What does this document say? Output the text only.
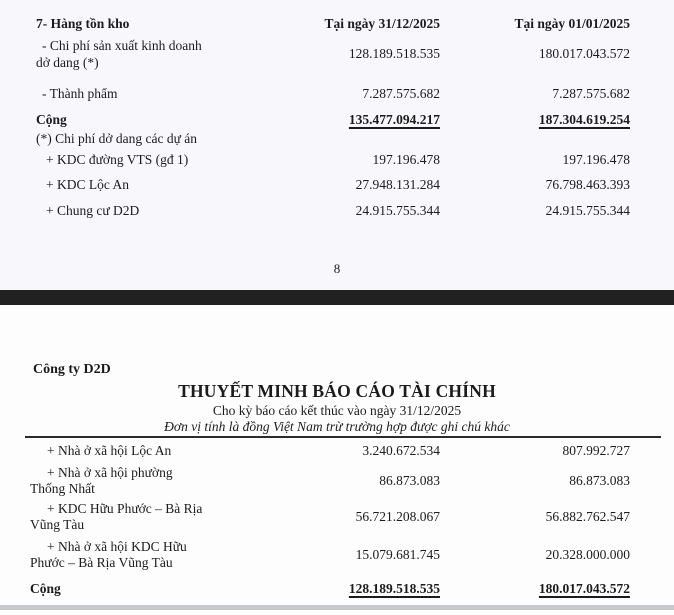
7- Hàng tồn kho	Tại ngày 31/12/2025	Tại ngày 01/01/2025
- Chi phí sản xuất kinh doanh
dở dang (*)
128.189.518.535	180.017.043.572
- Thành phẩm	7.287.575.682	7.287.575.682
Cộng	135.477.094.217	187.304.619.254
(*) Chi phí dở dang các dự án
+ KDC đường VTS (gđ 1)	197.196.478	197.196.478
+ KDC Lộc An	27.948.131.284	76.798.463.393
+ Chung cư D2D	24.915.755.344	24.915.755.344
8
Công ty D2D
THUYẾT MINH BÁO CÁO TÀI CHÍNH
Cho kỳ báo cáo kết thúc vào ngày 31/12/2025
Đơn vị tính là đồng Việt Nam trừ trường hợp được ghi chú khác
+ Nhà ở xã hội Lộc An	3.240.672.534	807.992.727
+ Nhà ở xã hội phường
Thống Nhất
86.873.083	86.873.083
+ KDC Hữu Phước – Bà Rịa
Vũng Tàu
56.721.208.067	56.882.762.547
+ Nhà ở xã hội KDC Hữu
Phước – Bà Rịa Vũng Tàu
15.079.681.745	20.328.000.000
Cộng	128.189.518.535	180.017.043.572
